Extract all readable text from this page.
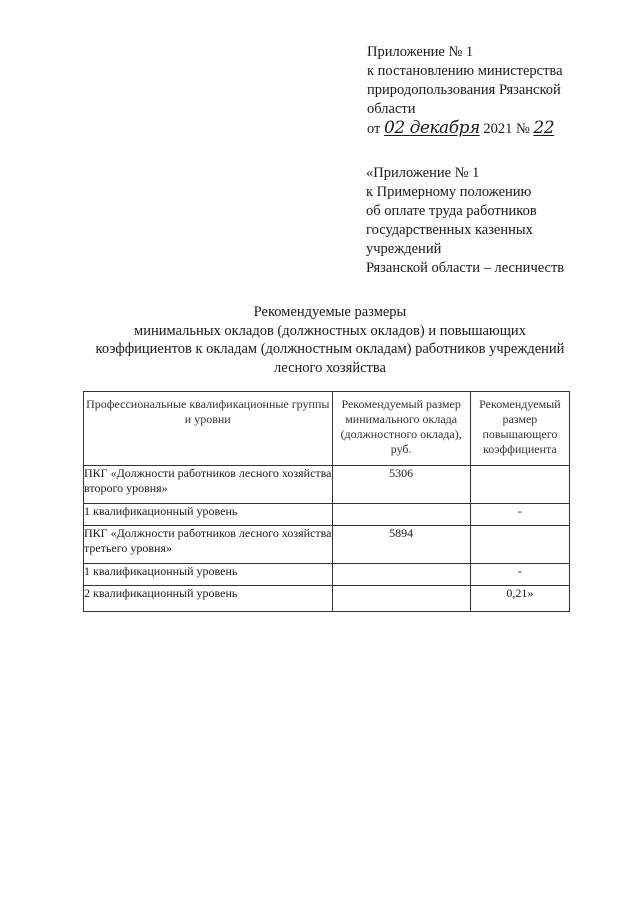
Приложение № 1
к постановлению министерства
природопользования Рязанской
области
от 02 декабря 2021 № 22
«Приложение № 1
к Примерному положению
об оплате труда работников
государственных казенных
учреждений
Рязанской области – лесничеств
Рекомендуемые размеры
минимальных окладов (должностных окладов) и повышающих
коэффициентов к окладам (должностным окладам) работников учреждений
лесного хозяйства
Профессиональные квалификационные группы и уровни	Рекомендуемый размер минимального оклада (должностного оклада), руб.	Рекомендуемый размер повышающего коэффициента
ПКГ «Должности работников лесного хозяйства второго уровня»	5306	
1 квалификационный уровень		-
ПКГ «Должности работников лесного хозяйства третьего уровня»	5894	
1 квалификационный уровень		-
2 квалификационный уровень		0,21»
